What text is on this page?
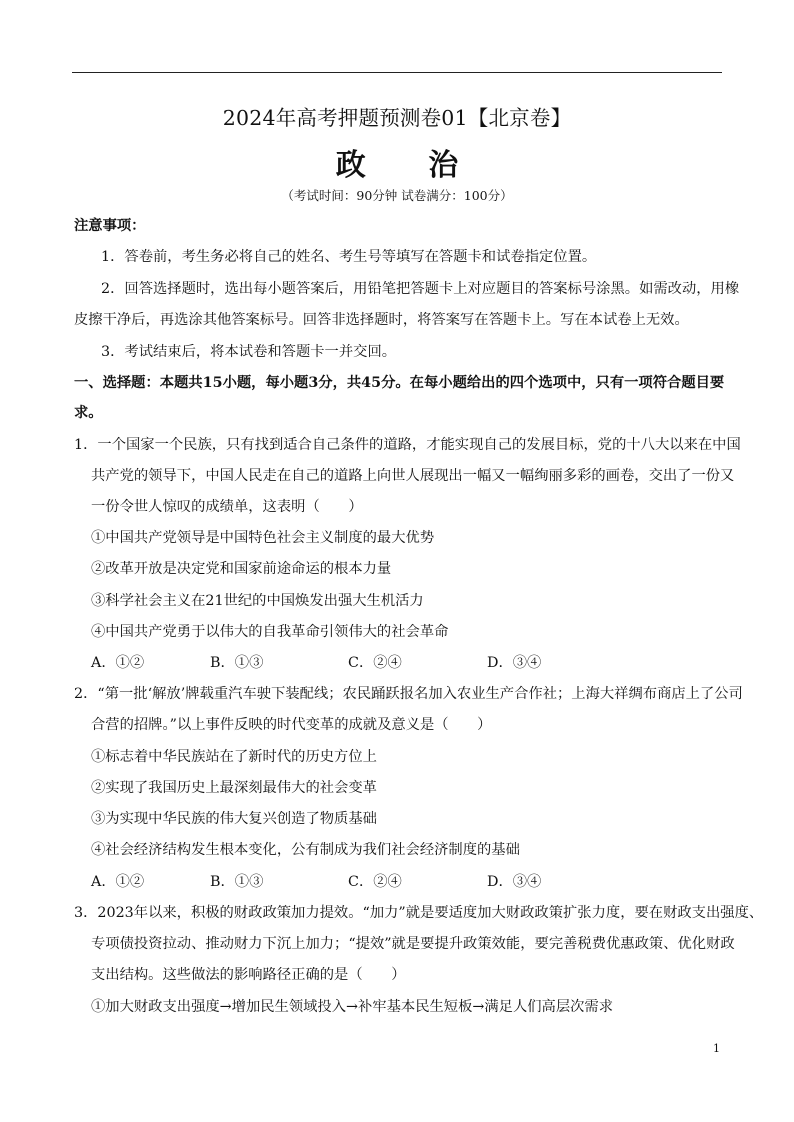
2024年高考押题预测卷01【北京卷】
政 治
（考试时间：90分钟 试卷满分：100分）
注意事项：
1．答卷前，考生务必将自己的姓名、考生号等填写在答题卡和试卷指定位置。
2．回答选择题时，选出每小题答案后，用铅笔把答题卡上对应题目的答案标号涂黑。如需改动，用橡
皮擦干净后，再选涂其他答案标号。回答非选择题时，将答案写在答题卡上。写在本试卷上无效。
3．考试结束后，将本试卷和答题卡一并交回。
一、选择题：本题共15小题，每小题3分，共45分。在每小题给出的四个选项中，只有一项符合题目要
求。
1．一个国家一个民族，只有找到适合自己条件的道路，才能实现自己的发展目标，党的十八大以来在中国
共产党的领导下，中国人民走在自己的道路上向世人展现出一幅又一幅绚丽多彩的画卷，交出了一份又
一份令世人惊叹的成绩单，这表明（　　）
①中国共产党领导是中国特色社会主义制度的最大优势
②改革开放是决定党和国家前途命运的根本力量
③科学社会主义在21世纪的中国焕发出强大生机活力
④中国共产党勇于以伟大的自我革命引领伟大的社会革命
A．①②	B．①③	C．②④	D．③④
2．“第一批‘解放’牌载重汽车驶下装配线；农民踊跃报名加入农业生产合作社；上海大祥绸布商店上了公司
合营的招牌。”以上事件反映的时代变革的成就及意义是（　　）
①标志着中华民族站在了新时代的历史方位上
②实现了我国历史上最深刻最伟大的社会变革
③为实现中华民族的伟大复兴创造了物质基础
④社会经济结构发生根本变化，公有制成为我们社会经济制度的基础
A．①②	B．①③	C．②④	D．③④
3．2023年以来，积极的财政政策加力提效。“加力”就是要适度加大财政政策扩张力度，要在财政支出强度、
专项债投资拉动、推动财力下沉上加力；“提效”就是要提升政策效能，要完善税费优惠政策、优化财政
支出结构。这些做法的影响路径正确的是（　　）
①加大财政支出强度→增加民生领域投入→补牢基本民生短板→满足人们高层次需求
1
